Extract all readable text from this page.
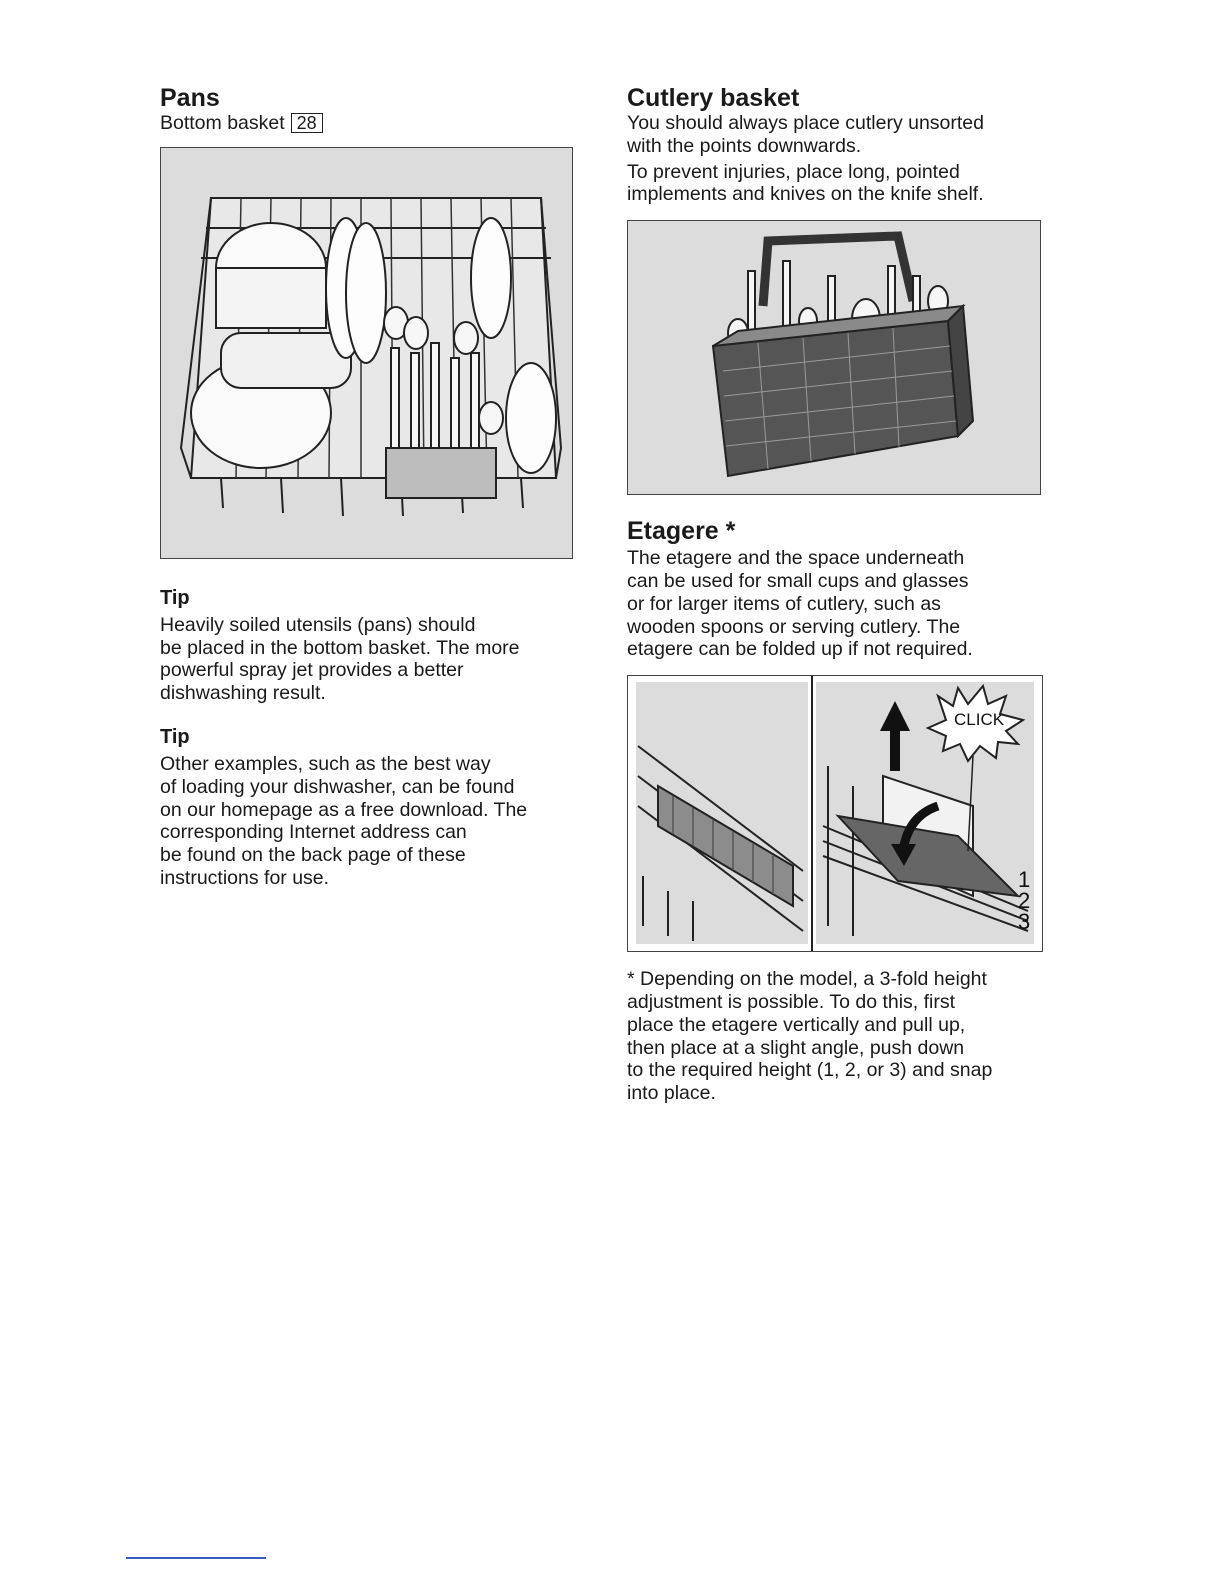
Pans

Bottom basket 28

Tip

Heavily soiled utensils (pans) should
be placed in the bottom basket. The more
powerful spray jet provides a better
dishwashing result.

Tip

Other examples, such as the best way
of loading your dishwasher, can be found
on our homepage as a free download. The
corresponding Internet address can
be found on the back page of these
instructions for use.

Cutlery basket

You should always place cutlery unsorted
with the points downwards.

To prevent injuries, place long, pointed
implements and knives on the knife shelf.

Etagere *

The etagere and the space underneath
can be used for small cups and glasses
or for larger items of cutlery, such as
wooden spoons or serving cutlery. The
etagere can be folded up if not required.

CLICK
1
2
3

* Depending on the model, a 3-fold height
adjustment is possible. To do this, first
place the etagere vertically and pull up,
then place at a slight angle, push down
to the required height (1, 2, or 3) and snap
into place.
